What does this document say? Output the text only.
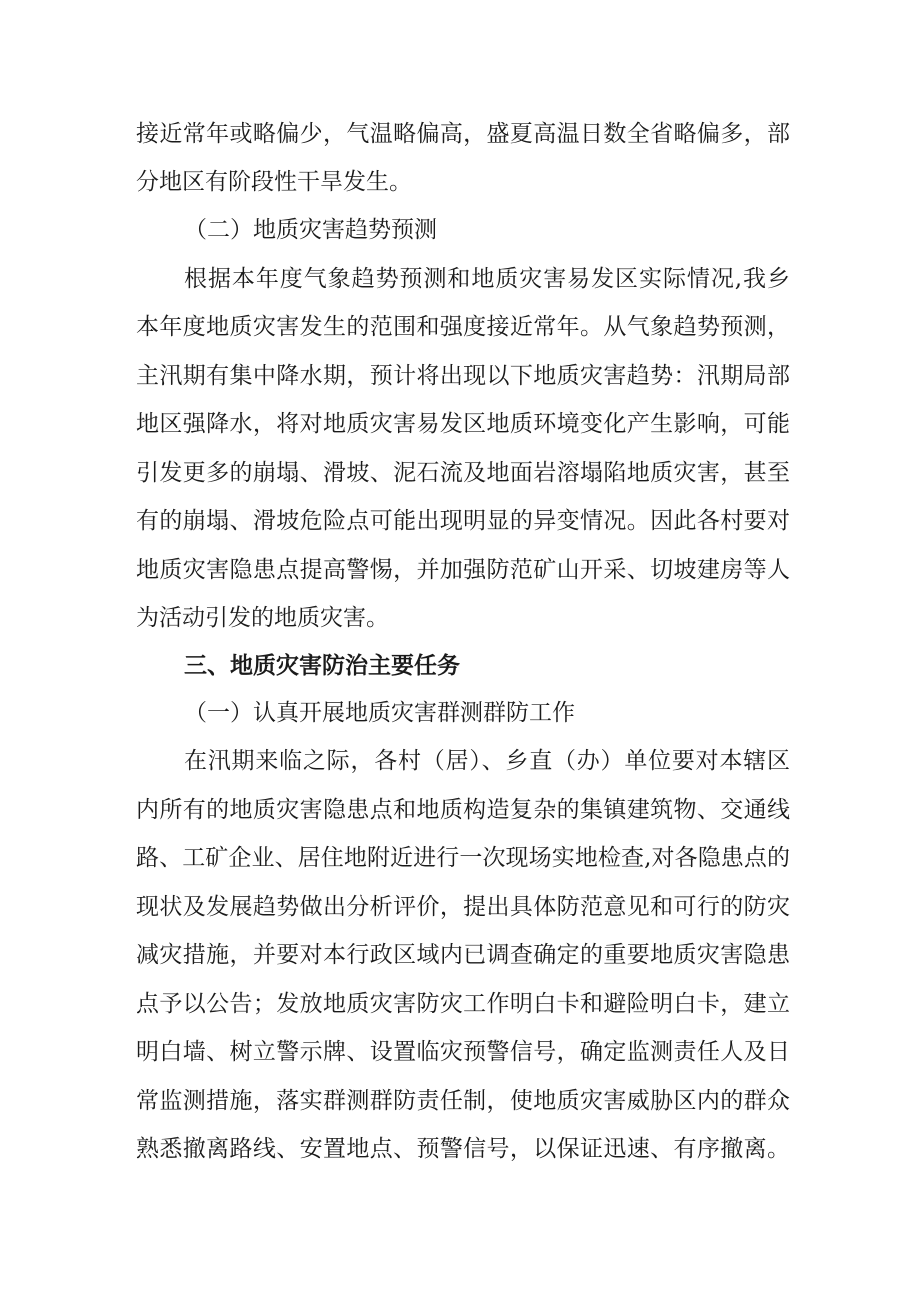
接近常年或略偏少，气温略偏高，盛夏高温日数全省略偏多，部
分地区有阶段性干旱发生。
（二）地质灾害趋势预测
根据本年度气象趋势预测和地质灾害易发区实际情况,我乡
本年度地质灾害发生的范围和强度接近常年。从气象趋势预测，
主汛期有集中降水期，预计将出现以下地质灾害趋势：汛期局部
地区强降水，将对地质灾害易发区地质环境变化产生影响，可能
引发更多的崩塌、滑坡、泥石流及地面岩溶塌陷地质灾害，甚至
有的崩塌、滑坡危险点可能出现明显的异变情况。因此各村要对
地质灾害隐患点提高警惕，并加强防范矿山开采、切坡建房等人
为活动引发的地质灾害。
三、地质灾害防治主要任务
（一）认真开展地质灾害群测群防工作
在汛期来临之际，各村（居）、乡直（办）单位要对本辖区
内所有的地质灾害隐患点和地质构造复杂的集镇建筑物、交通线
路、工矿企业、居住地附近进行一次现场实地检查,对各隐患点的
现状及发展趋势做出分析评价，提出具体防范意见和可行的防灾
减灾措施，并要对本行政区域内已调查确定的重要地质灾害隐患
点予以公告；发放地质灾害防灾工作明白卡和避险明白卡，建立
明白墙、树立警示牌、设置临灾预警信号，确定监测责任人及日
常监测措施，落实群测群防责任制，使地质灾害威胁区内的群众
熟悉撤离路线、安置地点、预警信号，以保证迅速、有序撤离。
